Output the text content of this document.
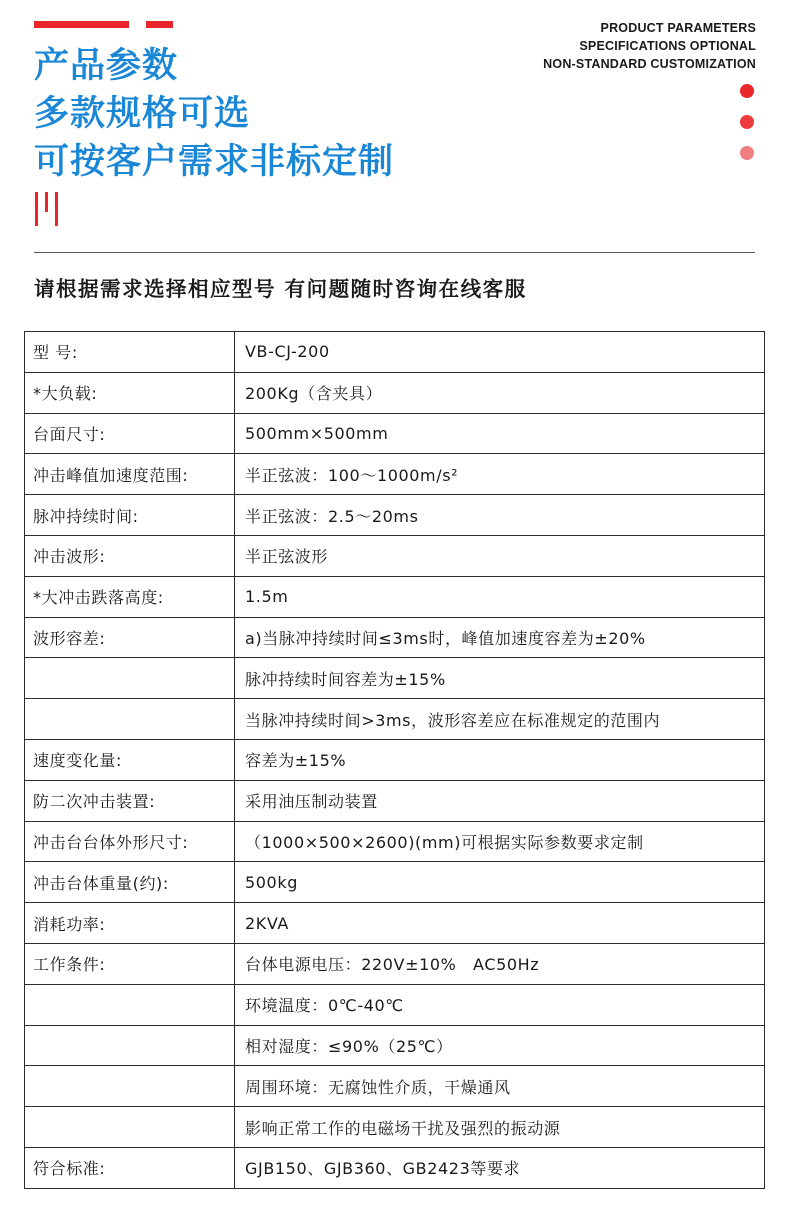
产品参数
多款规格可选
可按客户需求非标定制
PRODUCT PARAMETERS
SPECIFICATIONS OPTIONAL
NON-STANDARD CUSTOMIZATION
请根据需求选择相应型号 有问题随时咨询在线客服
型 号:	VB-CJ-200
*大负载:	200Kg（含夹具）
台面尺寸:	500mm×500mm
冲击峰值加速度范围:	半正弦波：100～1000m/s²
脉冲持续时间:	半正弦波：2.5～20ms
冲击波形:	半正弦波形
*大冲击跌落高度:	1.5m
波形容差:	a)当脉冲持续时间≤3ms时，峰值加速度容差为±20%
	脉冲持续时间容差为±15%
	当脉冲持续时间>3ms，波形容差应在标准规定的范围内
速度变化量:	容差为±15%
防二次冲击装置:	采用油压制动装置
冲击台台体外形尺寸:	（1000×500×2600)(mm)可根据实际参数要求定制
冲击台体重量(约):	500kg
消耗功率:	2KVA
工作条件:	台体电源电压：220V±10%　AC50Hz
	环境温度：0℃-40℃
	相对湿度：≤90%（25℃）
	周围环境：无腐蚀性介质，干燥通风
	影响正常工作的电磁场干扰及强烈的振动源
符合标准:	GJB150、GJB360、GB2423等要求
